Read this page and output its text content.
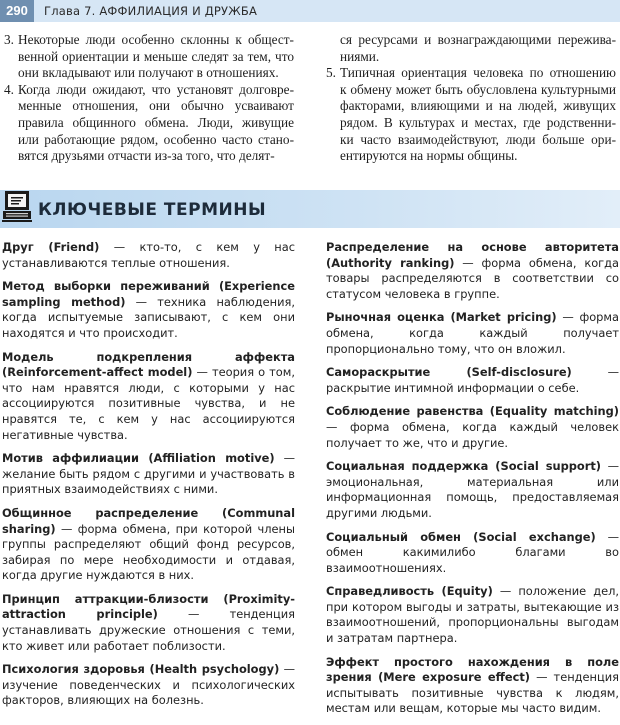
290	Глава 7. АФФИЛИАЦИЯ И ДРУЖБА
3. Некоторые люди особенно склонны к общест-
венной ориентации и меньше следят за тем, что
они вкладывают или получают в отношениях.
4. Когда люди ожидают, что установят долговре-
менные отношения, они обычно усваивают
правила общинного обмена. Люди, живущие
или работающие рядом, особенно часто стано-
вятся друзьями отчасти из-за того, что делят-
ся ресурсами и вознаграждающими пережива-
ниями.
5. Типичная ориентация человека по отношению
к обмену может быть обусловлена культурными
факторами, влияющими и на людей, живущих
рядом. В культурах и местах, где родственни-
ки часто взаимодействуют, люди больше ори-
ентируются на нормы общины.
КЛЮЧЕВЫЕ ТЕРМИНЫ
Друг (Friend) — кто-то, с кем у нас устанавливаются теплые отношения.
Метод выборки переживаний (Experience sampling method) — техника наблюдения, когда испытуемые записывают, с кем они находятся и что происходит.
Модель подкрепления аффекта (Reinforcement-affect model) — теория о том, что нам нравятся люди, с которыми у нас ассоциируются позитивные чувства, и не нравятся те, с кем у нас ассоциируются негативные чувства.
Мотив аффилиации (Affiliation motive) — желание быть рядом с другими и участвовать в приятных взаимодействиях с ними.
Общинное распределение (Communal sharing) — форма обмена, при которой члены группы распределяют общий фонд ресурсов, забирая по мере необходимости и отдавая, когда другие нуждаются в них.
Принцип аттракции-близости (Proximity-attraction principle) — тенденция устанавливать дружеские отношения с теми, кто живет или работает поблизости.
Психология здоровья (Health psychology) — изучение поведенческих и психологических факторов, влияющих на болезнь.
Распределение на основе авторитета (Authority ranking) — форма обмена, когда товары распределяются в соответствии со статусом человека в группе.
Рыночная оценка (Market pricing) — форма обмена, когда каждый получает пропорционально тому, что он вложил.
Самораскрытие (Self-disclosure) — раскрытие интимной информации о себе.
Соблюдение равенства (Equality matching) — форма обмена, когда каждый человек получает то же, что и другие.
Социальная поддержка (Social support) — эмоциональная, материальная или информационная помощь, предоставляемая другими людьми.
Социальный обмен (Social exchange) — обмен какимилибо благами во взаимоотношениях.
Справедливость (Equity) — положение дел, при котором выгоды и затраты, вытекающие из взаимоотношений, пропорциональны выгодам и затратам партнера.
Эффект простого нахождения в поле зрения (Mere exposure effect) — тенденция испытывать позитивные чувства к людям, местам или вещам, которые мы часто видим.
